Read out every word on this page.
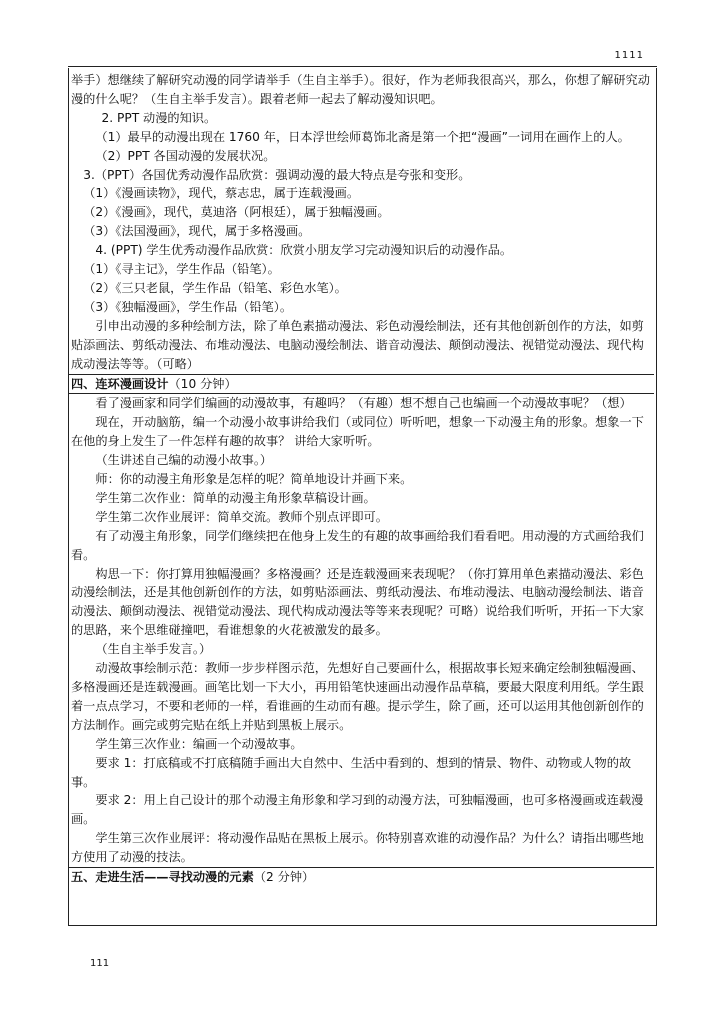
1111

举手）想继续了解研究动漫的同学请举手（生自主举手）。很好，作为老师我很高兴，那么，你想了解研究动漫的什么呢？（生自主举手发言）。跟着老师一起去了解动漫知识吧。

2. PPT 动漫的知识。

（1）最早的动漫出现在 1760 年，日本浮世绘师葛饰北斋是第一个把“漫画”一词用在画作上的人。

（2）PPT 各国动漫的发展状况。

3.（PPT）各国优秀动漫作品欣赏：强调动漫的最大特点是夸张和变形。

（1）《漫画读物》，现代，蔡志忠，属于连载漫画。

（2）《漫画》，现代，莫迪洛（阿根廷），属于独幅漫画。

（3）《法国漫画》，现代，属于多格漫画。

4. (PPT) 学生优秀动漫作品欣赏：欣赏小朋友学习完动漫知识后的动漫作品。

（1）《寻主记》，学生作品（铅笔）。

（2）《三只老鼠，学生作品（铅笔、彩色水笔）。

（3）《独幅漫画》，学生作品（铅笔）。

引申出动漫的多种绘制方法，除了单色素描动漫法、彩色动漫绘制法，还有其他创新创作的方法，如剪贴添画法、剪纸动漫法、布堆动漫法、电脑动漫绘制法、谐音动漫法、颠倒动漫法、视错觉动漫法、现代构成动漫法等等。（可略）

四、连环漫画设计（10 分钟）

看了漫画家和同学们编画的动漫故事，有趣吗？（有趣）想不想自己也编画一个动漫故事呢？（想）

现在，开动脑筋，编一个动漫小故事讲给我们（或同位）听听吧，想象一下动漫主角的形象。想象一下在他的身上发生了一件怎样有趣的故事？ 讲给大家听听。

（生讲述自己编的动漫小故事。）

师：你的动漫主角形象是怎样的呢？简单地设计并画下来。

学生第二次作业：简单的动漫主角形象草稿设计画。

学生第二次作业展评：简单交流。教师个别点评即可。

有了动漫主角形象，同学们继续把在他身上发生的有趣的故事画给我们看看吧。用动漫的方式画给我们看。

构思一下：你打算用独幅漫画？多格漫画？还是连载漫画来表现呢？（你打算用单色素描动漫法、彩色动漫绘制法，还是其他创新创作的方法，如剪贴添画法、剪纸动漫法、布堆动漫法、电脑动漫绘制法、谐音动漫法、颠倒动漫法、视错觉动漫法、现代构成动漫法等等来表现呢？可略）说给我们听听，开拓一下大家的思路，来个思维碰撞吧，看谁想象的火花被激发的最多。

（生自主举手发言。）

动漫故事绘制示范：教师一步步样图示范，先想好自己要画什么，根据故事长短来确定绘制独幅漫画、多格漫画还是连载漫画。画笔比划一下大小，再用铅笔快速画出动漫作品草稿，要最大限度利用纸。学生跟着一点点学习，不要和老师的一样，看谁画的生动而有趣。提示学生，除了画，还可以运用其他创新创作的方法制作。画完或剪完贴在纸上并贴到黑板上展示。

学生第三次作业：编画一个动漫故事。

要求 1：打底稿或不打底稿随手画出大自然中、生活中看到的、想到的情景、物件、动物或人物的故事。

要求 2：用上自己设计的那个动漫主角形象和学习到的动漫方法，可独幅漫画，也可多格漫画或连载漫画。

学生第三次作业展评：将动漫作品贴在黑板上展示。你特别喜欢谁的动漫作品？为什么？请指出哪些地方使用了动漫的技法。

五、走进生活——寻找动漫的元素（2 分钟）

111
